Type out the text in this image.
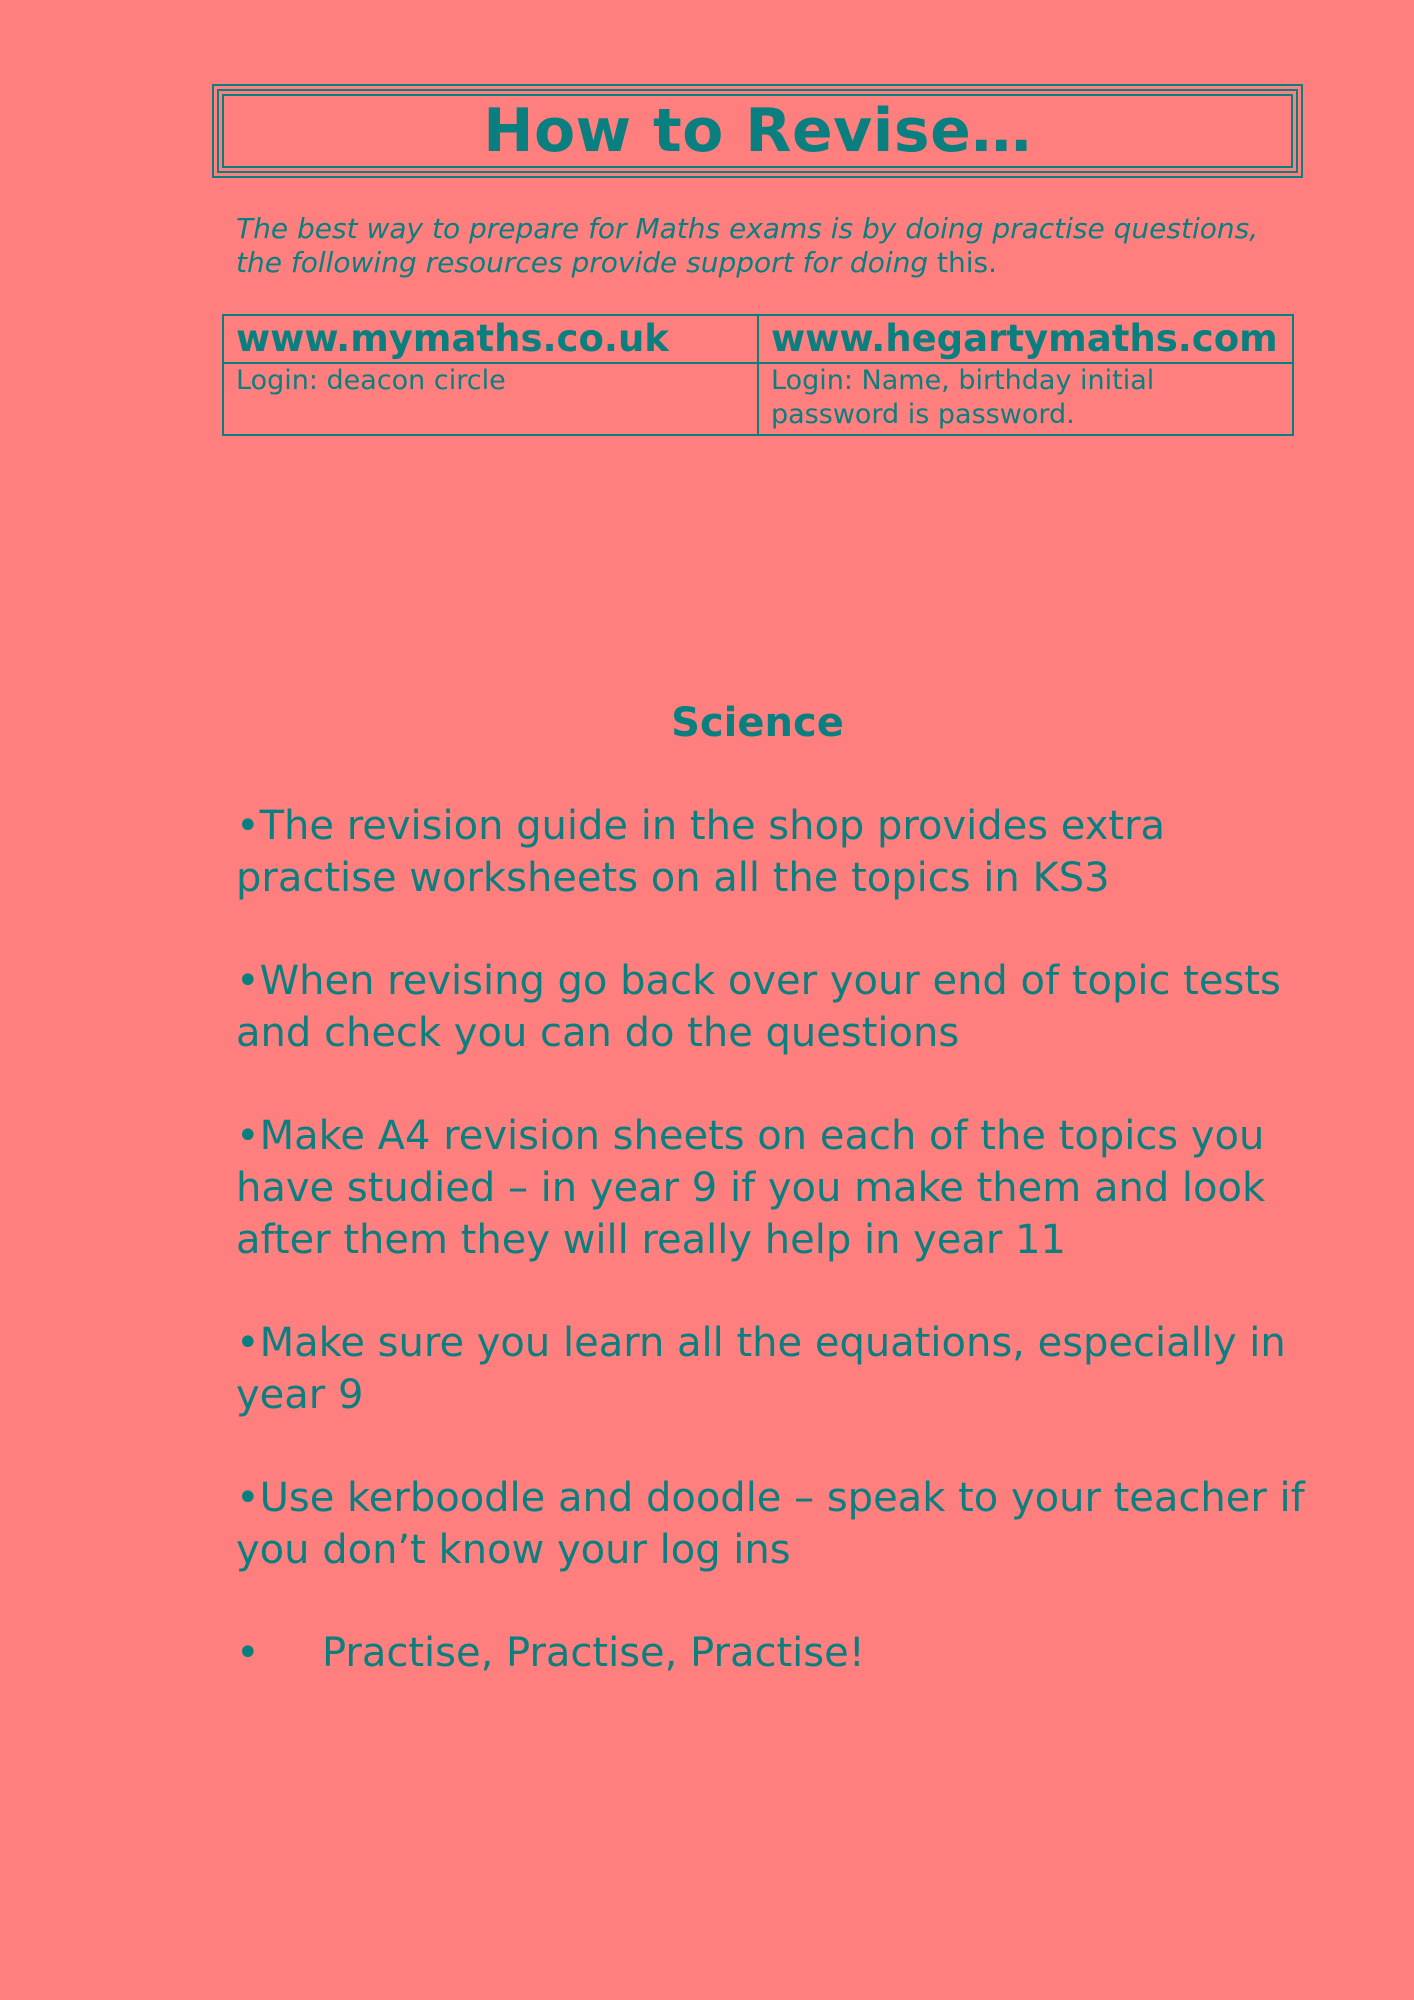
How to Revise…

The best way to prepare for Maths exams is by doing practise questions, the following resources provide support for doing this.

www.mymaths.co.uk	www.hegartymaths.com
Login: deacon circle	Login: Name, birthday initial password is password.
Science
•The revision guide in the shop provides extra practise worksheets on all the topics in KS3
•When revising go back over your end of topic tests and check you can do the questions
•Make A4 revision sheets on each of the topics you have studied – in year 9 if you make them and look after them they will really help in year 11
•Make sure you learn all the equations, especially in year 9
•Use kerboodle and doodle – speak to your teacher if you don’t know your log ins
• Practise, Practise, Practise!
